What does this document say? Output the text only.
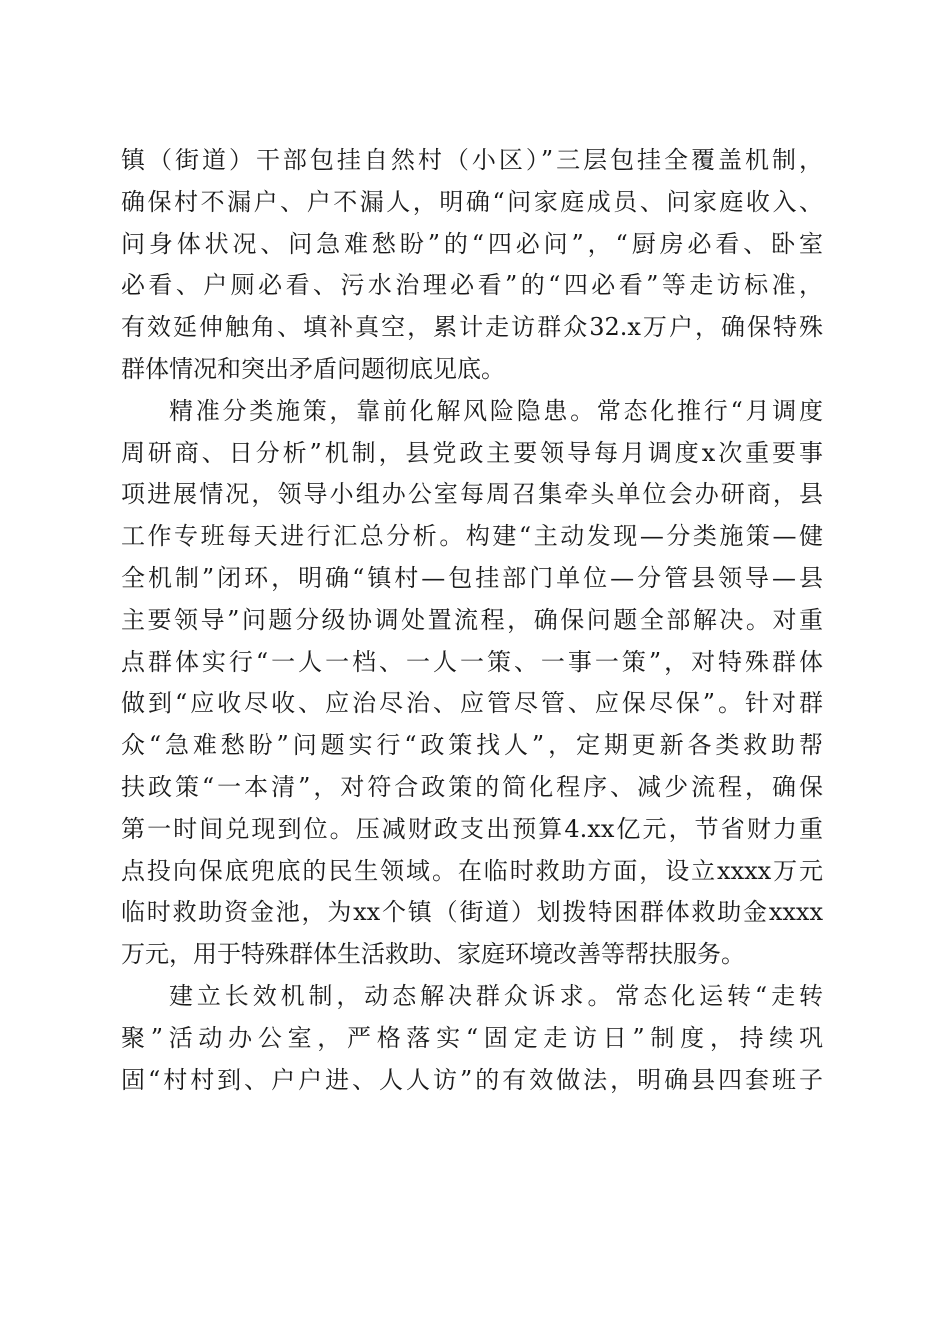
镇（街道）干部包挂自然村（小区）”三层包挂全覆盖机制，
确保村不漏户、户不漏人，明确“问家庭成员、问家庭收入、
问身体状况、问急难愁盼”的“四必问”，“厨房必看、卧室
必看、户厕必看、污水治理必看”的“四必看”等走访标准，
有效延伸触角、填补真空，累计走访群众32.x万户，确保特殊
群体情况和突出矛盾问题彻底见底。
精准分类施策，靠前化解风险隐患。常态化推行“月调度
周研商、日分析”机制，县党政主要领导每月调度x次重要事
项进展情况，领导小组办公室每周召集牵头单位会办研商，县
工作专班每天进行汇总分析。构建“主动发现—分类施策—健
全机制”闭环，明确“镇村—包挂部门单位—分管县领导—县
主要领导”问题分级协调处置流程，确保问题全部解决。对重
点群体实行“一人一档、一人一策、一事一策”，对特殊群体
做到“应收尽收、应治尽治、应管尽管、应保尽保”。针对群
众“急难愁盼”问题实行“政策找人”，定期更新各类救助帮
扶政策“一本清”，对符合政策的简化程序、减少流程，确保
第一时间兑现到位。压减财政支出预算4.xx亿元，节省财力重
点投向保底兜底的民生领域。在临时救助方面，设立xxxx万元
临时救助资金池，为xx个镇（街道）划拨特困群体救助金xxxx
万元，用于特殊群体生活救助、家庭环境改善等帮扶服务。
建立长效机制，动态解决群众诉求。常态化运转“走转
聚”活动办公室，严格落实“固定走访日”制度，持续巩
固“村村到、户户进、人人访”的有效做法，明确县四套班子
